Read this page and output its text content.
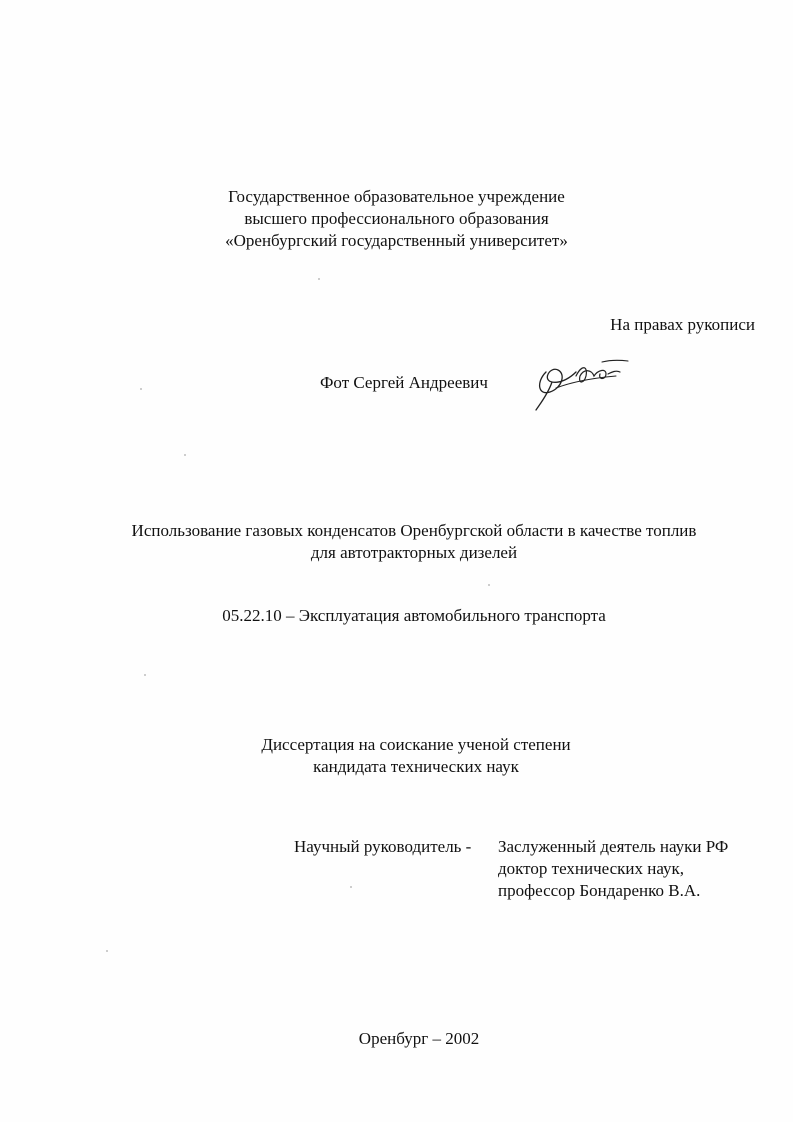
Государственное образовательное учреждение
высшего профессионального образования
«Оренбургский государственный университет»
На правах рукописи
Фот Сергей Андреевич
Использование газовых конденсатов Оренбургской области в качестве топлив
для автотракторных дизелей
05.22.10 – Эксплуатация автомобильного транспорта
Диссертация на соискание ученой степени
кандидата технических наук
Научный руководитель - Заслуженный деятель науки РФ
доктор технических наук,
профессор Бондаренко В.А.
Оренбург – 2002
